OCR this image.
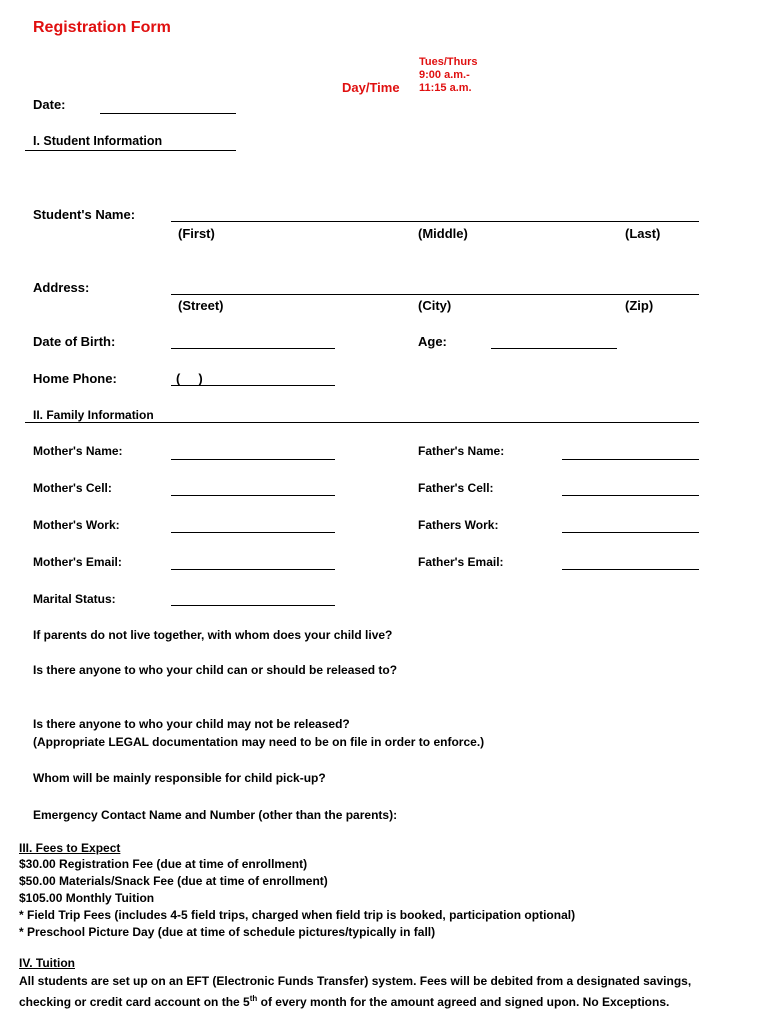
Registration Form
Day/Time
Tues/Thurs
9:00 a.m.-
11:15 a.m.
Date:
I. Student Information
Student's Name:
(First)	(Middle)	(Last)
Address:
(Street)	(City)	(Zip)
Date of Birth:	Age:
Home Phone:	(     )
II. Family Information
Mother's Name:	Father's Name:
Mother's Cell:	Father's Cell:
Mother's Work:	Fathers Work:
Mother's Email:	Father's Email:
Marital Status:
If parents do not live together, with whom does your child live?
Is there anyone to who your child can or should be released to?
Is there anyone to who your child may not be released?
(Appropriate LEGAL documentation may need to be on file in order to enforce.)
Whom will be mainly responsible for child pick-up?
Emergency Contact Name and Number (other than the parents):
III. Fees to Expect
$30.00 Registration Fee (due at time of enrollment)
$50.00 Materials/Snack Fee (due at time of enrollment)
$105.00 Monthly Tuition
* Field Trip Fees (includes 4-5 field trips, charged when field trip is booked, participation optional)
* Preschool Picture Day (due at time of schedule pictures/typically in fall)
IV. Tuition
All students are set up on an EFT (Electronic Funds Transfer) system. Fees will be debited from a designated savings,
checking or credit card account on the 5th of every month for the amount agreed and signed upon. No Exceptions.
